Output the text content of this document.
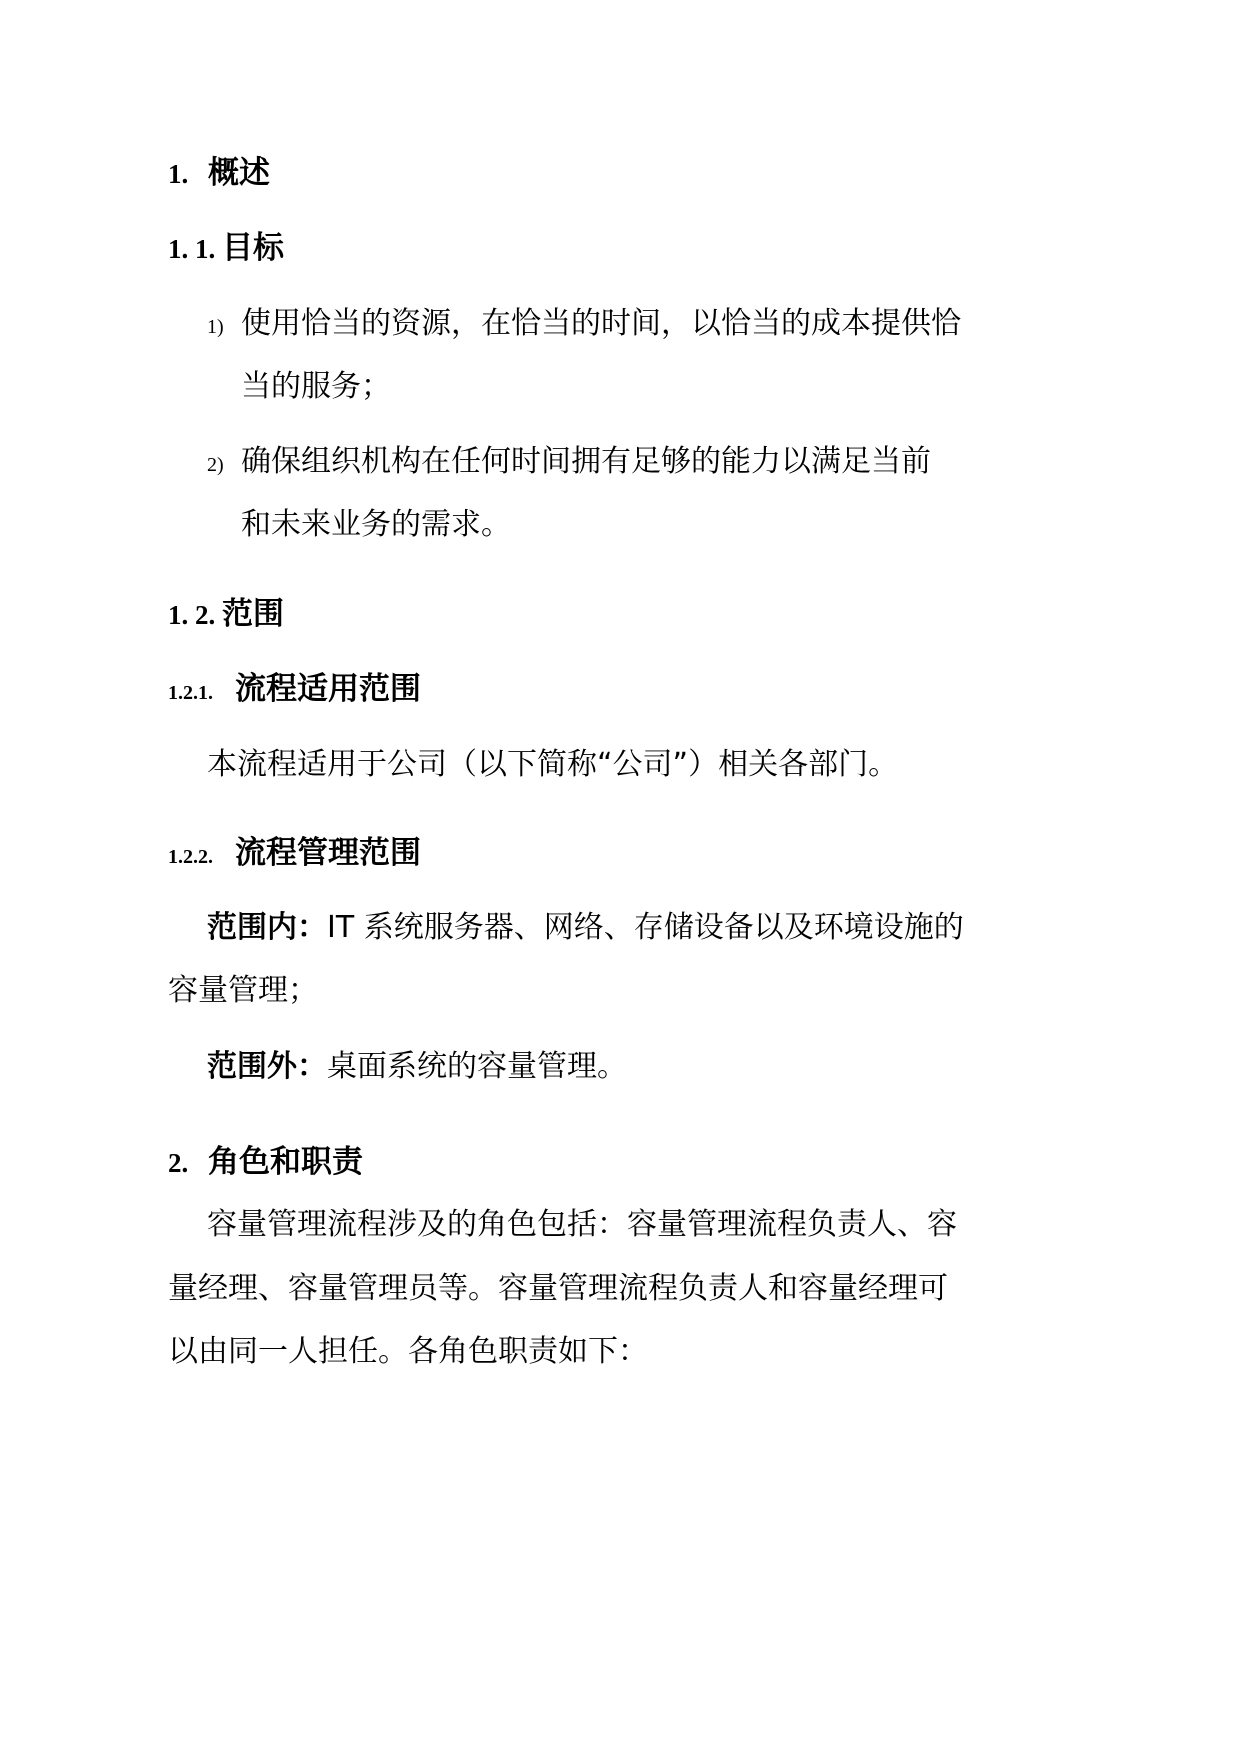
1. 概述
1. 1. 目标
1) 使用恰当的资源，在恰当的时间，以恰当的成本提供恰
当的服务；
2) 确保组织机构在任何时间拥有足够的能力以满足当前
和未来业务的需求。
1. 2. 范围
1.2.1. 流程适用范围
本流程适用于公司（以下简称“公司”）相关各部门。
1.2.2. 流程管理范围
范围内：IT 系统服务器、网络、存储设备以及环境设施的
容量管理；
范围外：桌面系统的容量管理。
2. 角色和职责
容量管理流程涉及的角色包括：容量管理流程负责人、容
量经理、容量管理员等。容量管理流程负责人和容量经理可
以由同一人担任。各角色职责如下：
